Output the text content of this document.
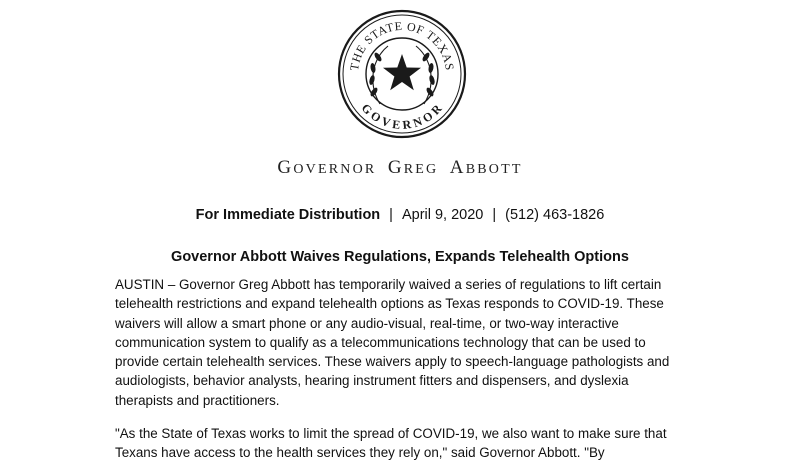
THE STATE OF TEXAS
GOVERNOR
GOVERNOR GREG ABBOTT
For Immediate Distribution | April 9, 2020 | (512) 463-1826
Governor Abbott Waives Regulations, Expands Telehealth Options

AUSTIN – Governor Greg Abbott has temporarily waived a series of regulations to lift certain telehealth restrictions and expand telehealth options as Texas responds to COVID-19. These waivers will allow a smart phone or any audio-visual, real-time, or two-way interactive communication system to qualify as a telecommunications technology that can be used to provide certain telehealth services. These waivers apply to speech-language pathologists and audiologists, behavior analysts, hearing instrument fitters and dispensers, and dyslexia therapists and practitioners.

"As the State of Texas works to limit the spread of COVID-19, we also want to make sure that Texans have access to the health services they rely on," said Governor Abbott. "By
